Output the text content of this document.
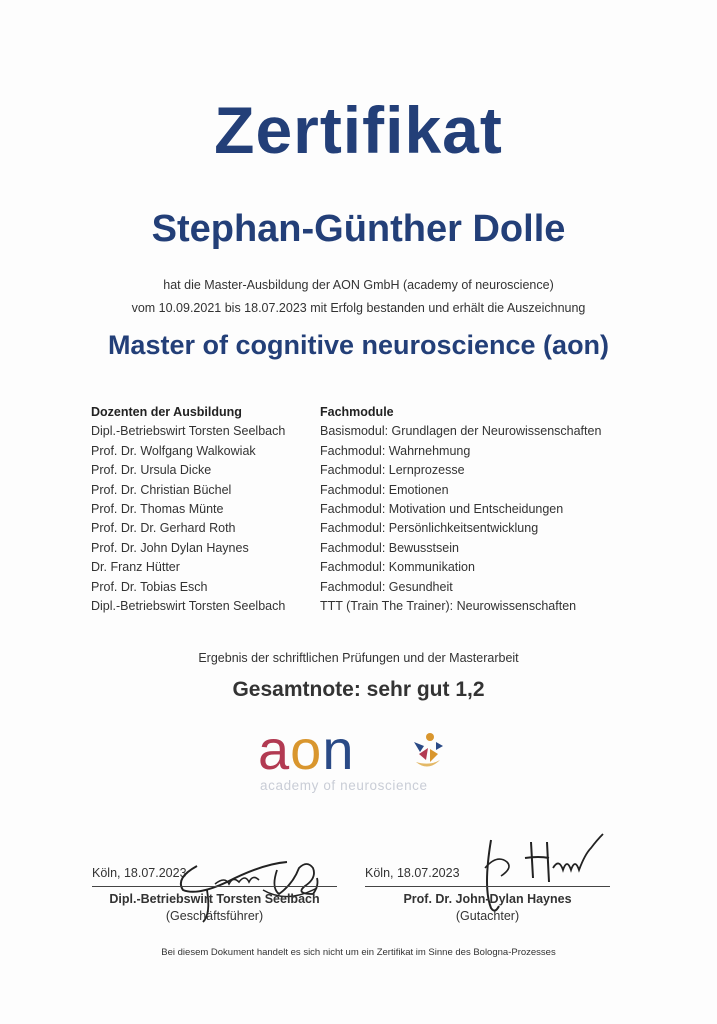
Zertifikat
Stephan-Günther Dolle
hat die Master-Ausbildung der AON GmbH (academy of neuroscience)
vom 10.09.2021 bis 18.07.2023 mit Erfolg bestanden und erhält die Auszeichnung
Master of cognitive neuroscience (aon)
Dozenten der Ausbildung
Dipl.-Betriebswirt Torsten Seelbach
Prof. Dr. Wolfgang Walkowiak
Prof. Dr. Ursula Dicke
Prof. Dr. Christian Büchel
Prof. Dr. Thomas Münte
Prof. Dr. Dr. Gerhard Roth
Prof. Dr. John Dylan Haynes
Dr. Franz Hütter
Prof. Dr. Tobias Esch
Dipl.-Betriebswirt Torsten Seelbach
Fachmodule
Basismodul: Grundlagen der Neurowissenschaften
Fachmodul: Wahrnehmung
Fachmodul: Lernprozesse
Fachmodul: Emotionen
Fachmodul: Motivation und Entscheidungen
Fachmodul: Persönlichkeitsentwicklung
Fachmodul: Bewusstsein
Fachmodul: Kommunikation
Fachmodul: Gesundheit
TTT (Train The Trainer): Neurowissenschaften
Ergebnis der schriftlichen Prüfungen und der Masterarbeit
Gesamtnote: sehr gut 1,2
aon
academy of neuroscience
Köln, 18.07.2023
Dipl.-Betriebswirt Torsten Seelbach
(Geschäftsführer)
Köln, 18.07.2023
Prof. Dr. John-Dylan Haynes
(Gutachter)
Bei diesem Dokument handelt es sich nicht um ein Zertifikat im Sinne des Bologna-Prozesses
